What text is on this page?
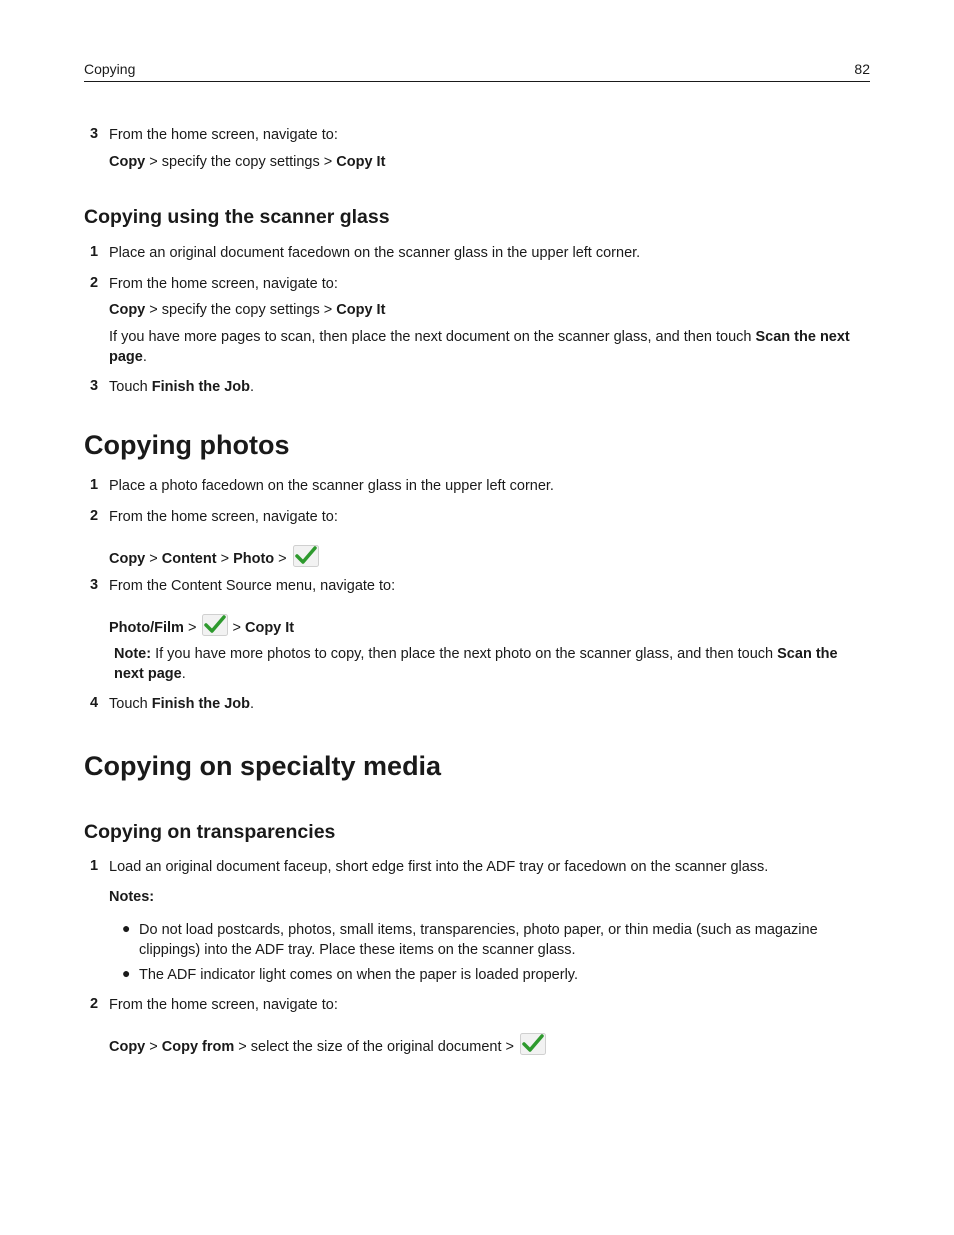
Copying	82
3 From the home screen, navigate to:
Copy > specify the copy settings > Copy It
Copying using the scanner glass
1 Place an original document facedown on the scanner glass in the upper left corner.
2 From the home screen, navigate to:
Copy > specify the copy settings > Copy It
If you have more pages to scan, then place the next document on the scanner glass, and then touch Scan the next page.
3 Touch Finish the Job.
Copying photos
1 Place a photo facedown on the scanner glass in the upper left corner.
2 From the home screen, navigate to:
Copy > Content > Photo >
3 From the Content Source menu, navigate to:
Photo/Film >  > Copy It
Note: If you have more photos to copy, then place the next photo on the scanner glass, and then touch Scan the next page.
4 Touch Finish the Job.
Copying on specialty media
Copying on transparencies
1 Load an original document faceup, short edge first into the ADF tray or facedown on the scanner glass.
Notes:
● Do not load postcards, photos, small items, transparencies, photo paper, or thin media (such as magazine clippings) into the ADF tray. Place these items on the scanner glass.
● The ADF indicator light comes on when the paper is loaded properly.
2 From the home screen, navigate to:
Copy > Copy from > select the size of the original document >
